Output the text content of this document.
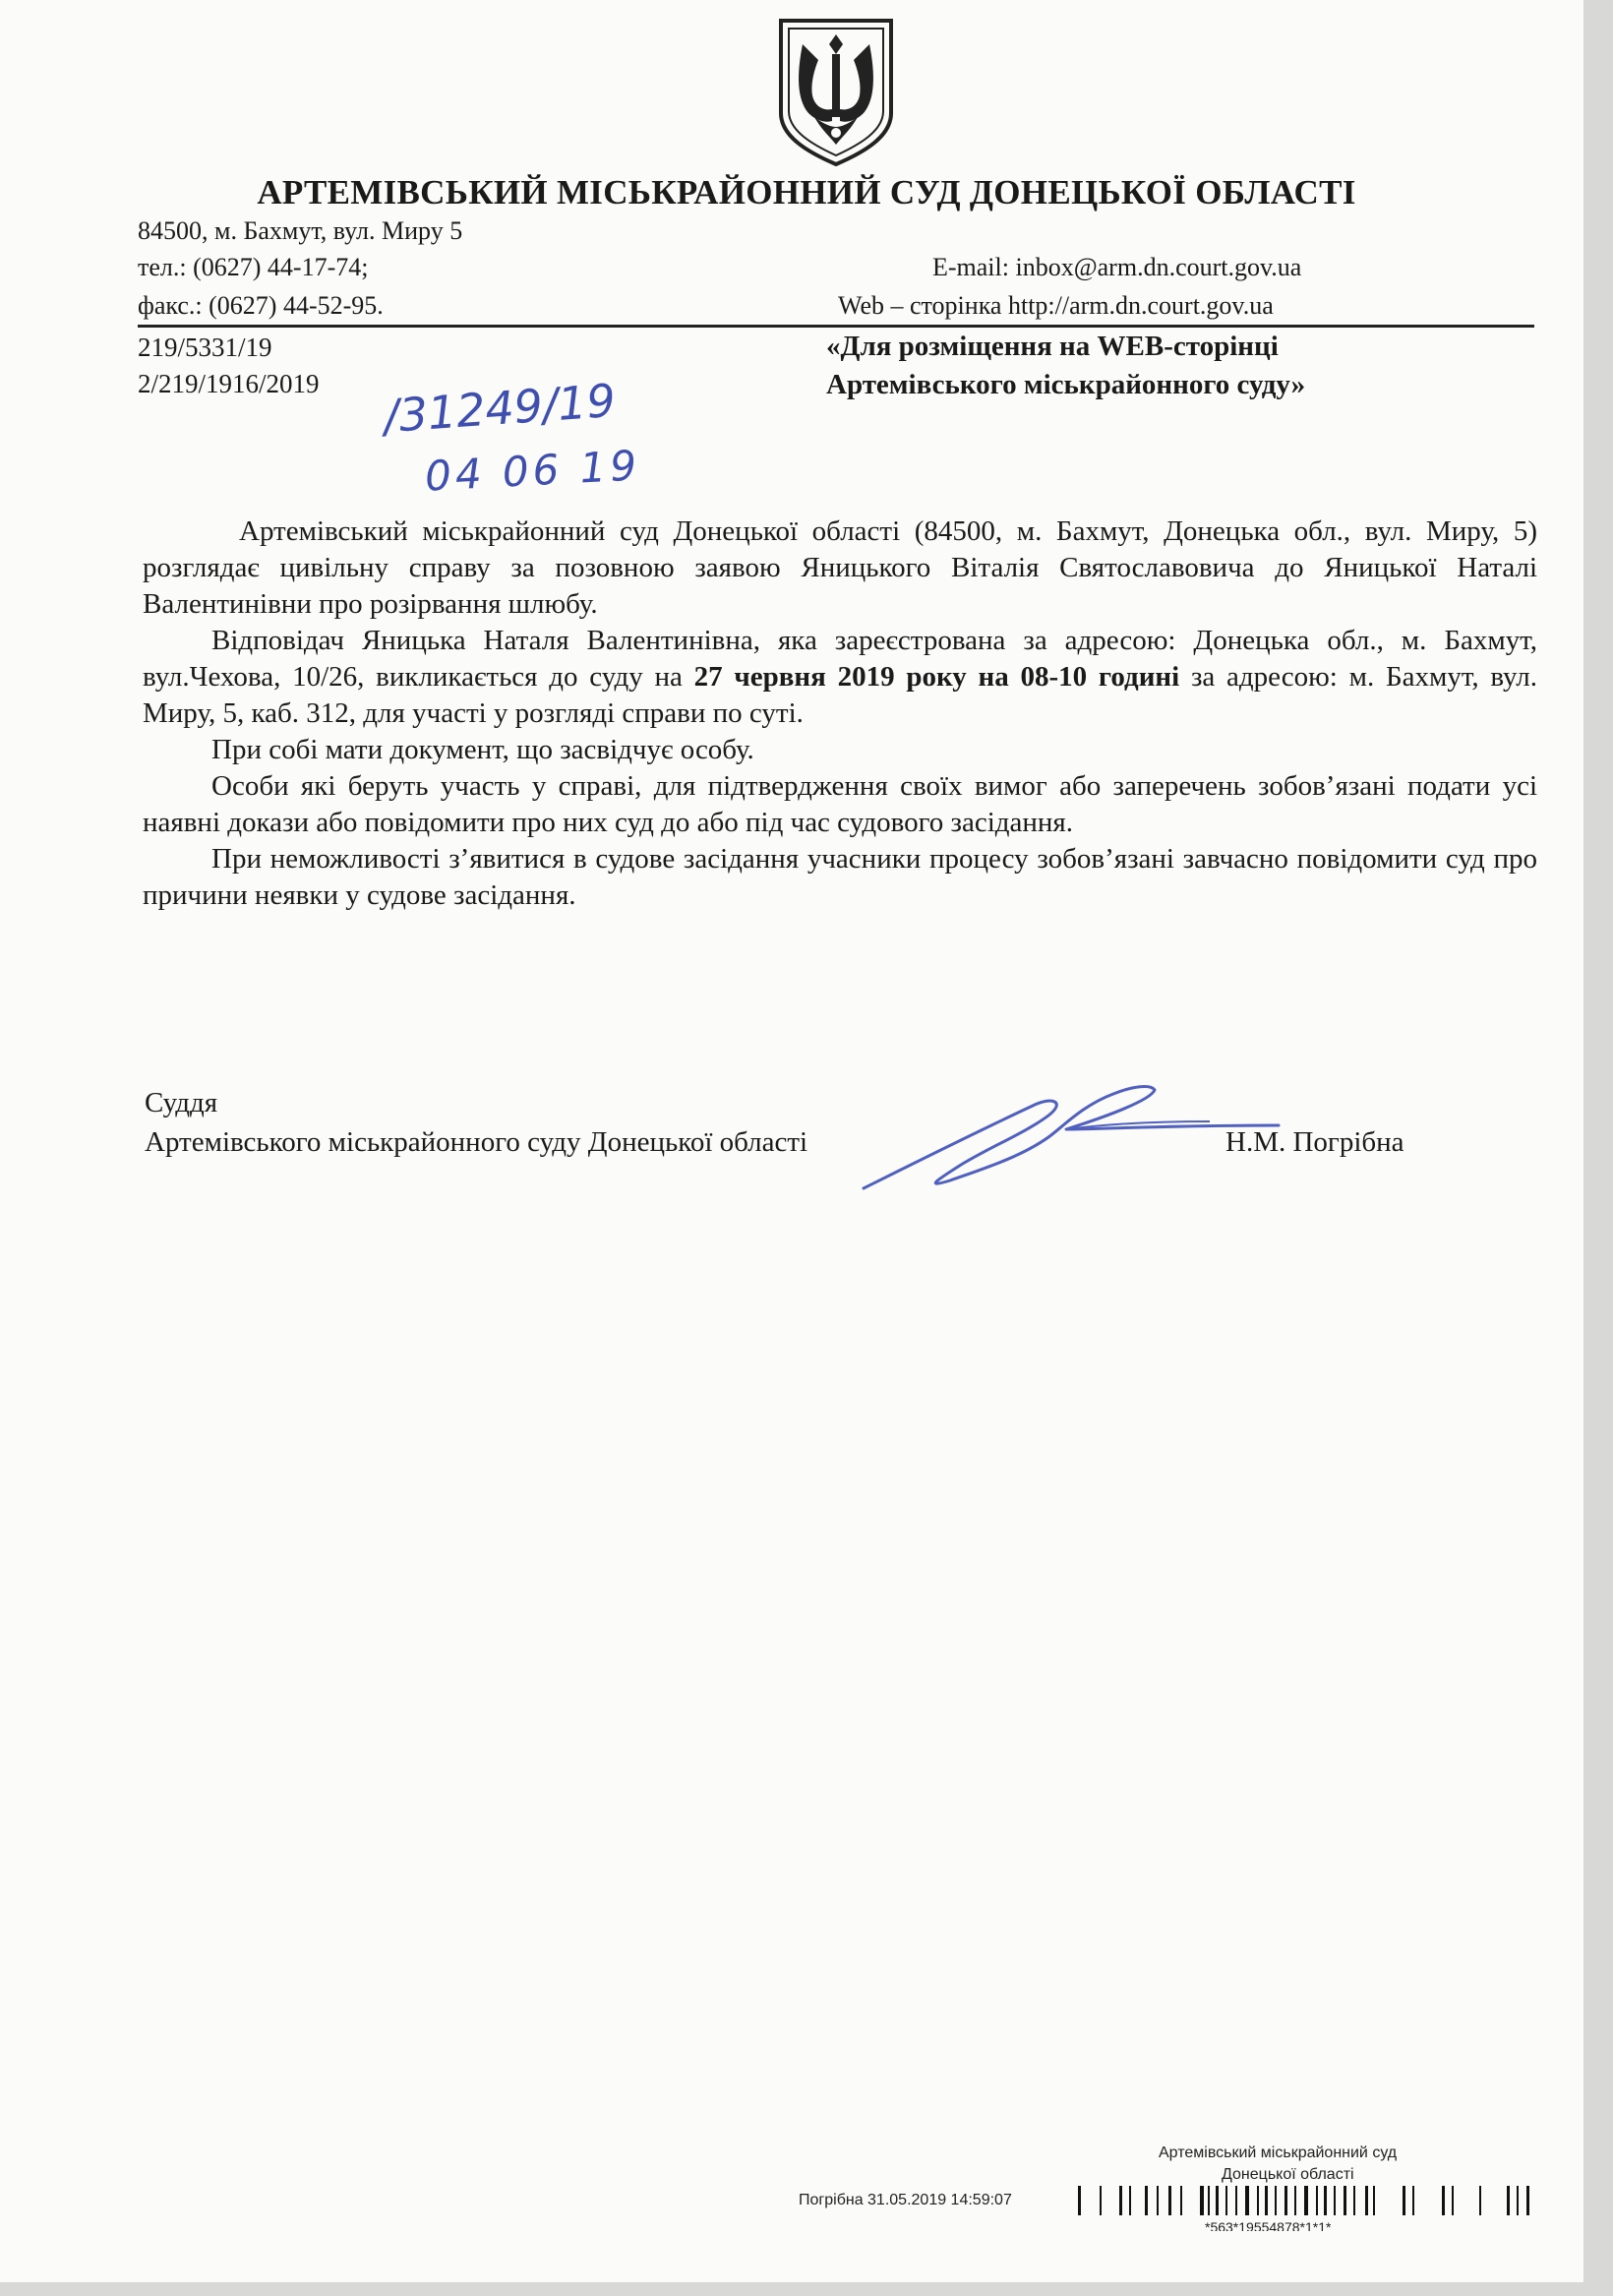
АРТЕМІВСЬКИЙ МІСЬКРАЙОННИЙ СУД ДОНЕЦЬКОЇ ОБЛАСТІ
84500, м. Бахмут, вул. Миру 5
тел.: (0627) 44-17-74;
факс.: (0627) 44-52-95.
E-mail: inbox@arm.dn.court.gov.ua
Web – сторінка http://arm.dn.court.gov.ua
219/5331/19
2/219/1916/2019
«Для розміщення на WEB-сторінці
Артемівського міськрайонного суду»
/31249/19
04 06 19

Артемівський міськрайонний суд Донецької області (84500, м. Бахмут, Донецька обл., вул. Миру, 5) розглядає цивільну справу за позовною заявою Яницького Віталія Святославовича до Яницької Наталі Валентинівни про розірвання шлюбу.

Відповідач Яницька Наталя Валентинівна, яка зареєстрована за адресою: Донецька обл., м. Бахмут, вул.Чехова, 10/26, викликається до суду на 27 червня 2019 року на 08-10 годині за адресою: м. Бахмут, вул. Миру, 5, каб. 312, для участі у розгляді справи по суті.

При собі мати документ, що засвідчує особу.

Особи які беруть участь у справі, для підтвердження своїх вимог або заперечень зобов’язані подати усі наявні докази або повідомити про них суд до або під час судового засідання.

При неможливості з’явитися в судове засідання учасники процесу зобов’язані завчасно повідомити суд про причини неявки у судове засідання.

Суддя
Артемівського міськрайонного суду Донецької області	Н.М. Погрібна
Артемівський міськрайонний суд
Донецької області
Погрібна 31.05.2019 14:59:07
*563*19554878*1*1*
